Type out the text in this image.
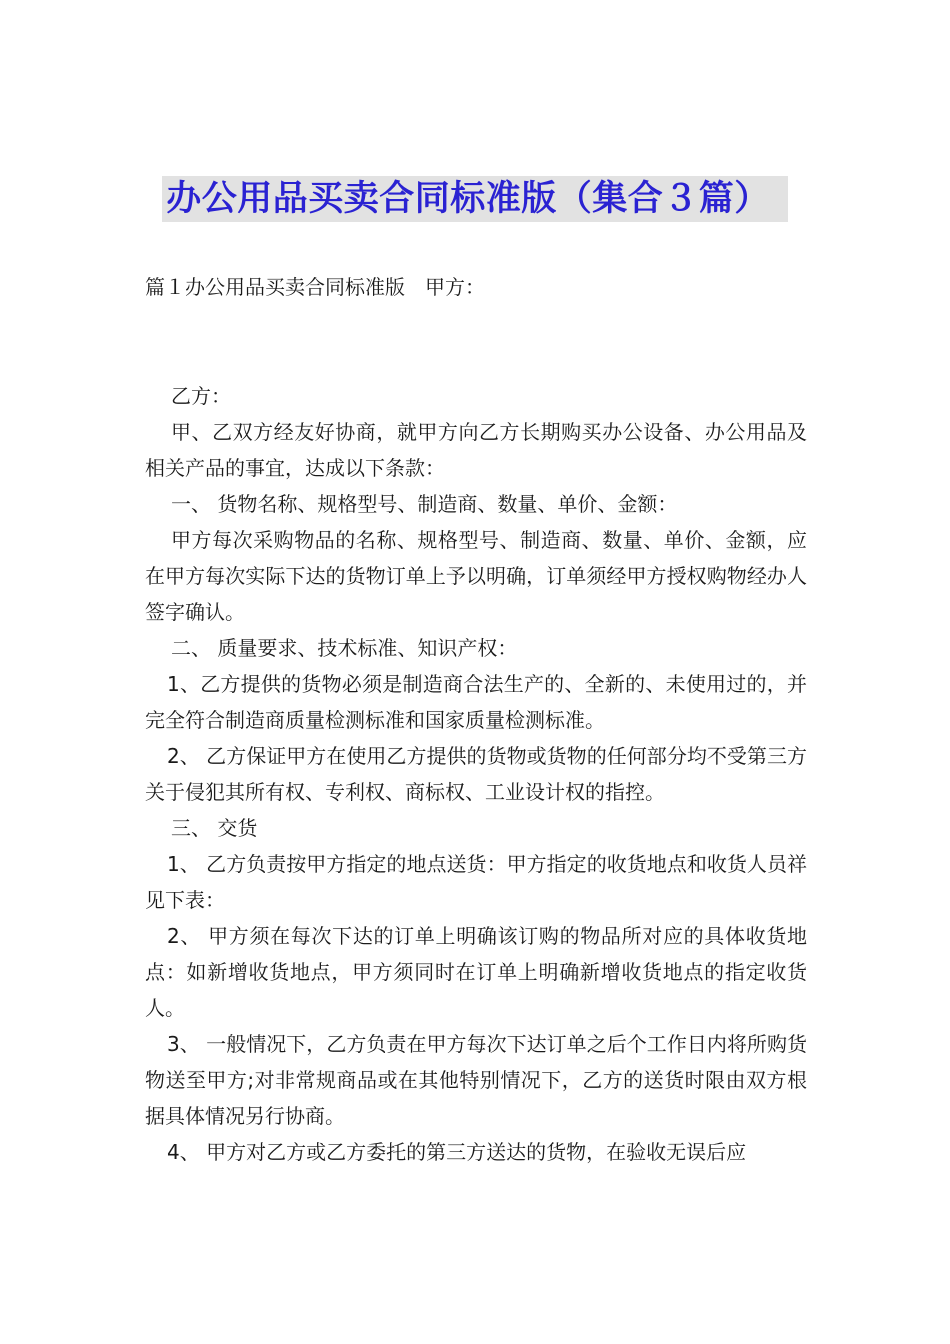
办公用品买卖合同标准版（集合３篇）
篇１办公用品买卖合同标准版　甲方：

乙方：

甲、乙双方经友好协商，就甲方向乙方长期购买办公设备、办公用品及相关产品的事宜，达成以下条款：

一、 货物名称、规格型号、制造商、数量、单价、金额：

甲方每次采购物品的名称、规格型号、制造商、数量、单价、金额，应在甲方每次实际下达的货物订单上予以明确，订单须经甲方授权购物经办人签字确认。

二、 质量要求、技术标准、知识产权：

1、乙方提供的货物必须是制造商合法生产的、全新的、未使用过的，并完全符合制造商质量检测标准和国家质量检测标准。

2、 乙方保证甲方在使用乙方提供的货物或货物的任何部分均不受第三方关于侵犯其所有权、专利权、商标权、工业设计权的指控。

三、 交货

1、 乙方负责按甲方指定的地点送货：甲方指定的收货地点和收货人员祥见下表：

2、 甲方须在每次下达的订单上明确该订购的物品所对应的具体收货地点：如新增收货地点，甲方须同时在订单上明确新增收货地点的指定收货人。

3、 一般情况下，乙方负责在甲方每次下达订单之后个工作日内将所购货物送至甲方;对非常规商品或在其他特别情况下，乙方的送货时限由双方根据具体情况另行协商。

4、 甲方对乙方或乙方委托的第三方送达的货物，在验收无误后应
